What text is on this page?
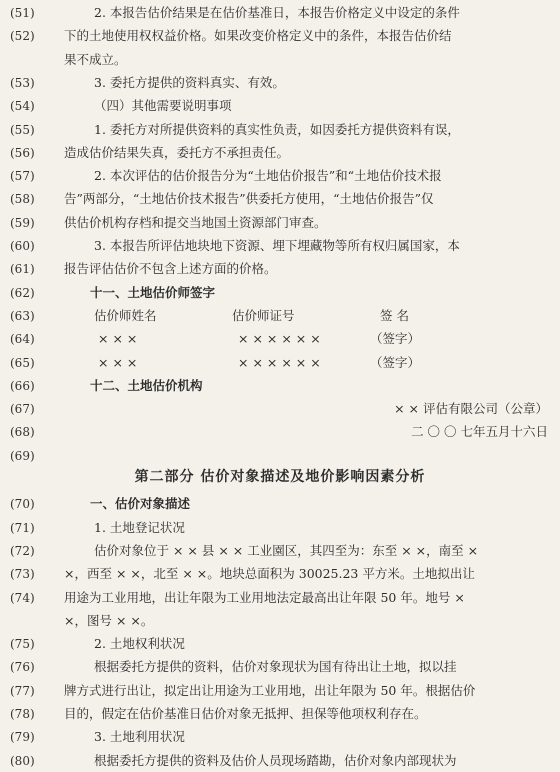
(51)	2. 本报告估价结果是在估价基准日，本报告价格定义中设定的条件
(52)	下的土地使用权权益价格。如果改变价格定义中的条件，本报告估价结
果不成立。
(53)	3. 委托方提供的资料真实、有效。
(54)	（四）其他需要说明事项
(55)	1. 委托方对所提供资料的真实性负责，如因委托方提供资料有误，
(56)	造成估价结果失真，委托方不承担责任。
(57)	2. 本次评估的估价报告分为“土地估价报告”和“土地估价技术报
(58)	告”两部分，“土地估价技术报告”供委托方使用，“土地估价报告”仅
(59)	供估价机构存档和提交当地国土资源部门审查。
(60)	3. 本报告所评估地块地下资源、埋下埋藏物等所有权归属国家，本
(61)	报告评估估价不包含上述方面的价格。
(62)	十一、土地估价师签字
(63)	估价师姓名	估价师证号	签 名
(64)	× × ×	× × × × × ×	（签字）
(65)	× × ×	× × × × × ×	（签字）
(66)	十二、土地估价机构
(67)	× × 评估有限公司（公章）
(68)	二 〇 〇 七年五月十六日
(69)
第二部分 估价对象描述及地价影响因素分析
(70)	一、估价对象描述
(71)	1. 土地登记状况
(72)	估价对象位于 × × 县 × × 工业園区，其四至为：东至 × ×，南至 ×
(73)	×，西至 × ×，北至 × ×。地块总面积为 30025.23 平方米。土地拟出让
(74)	用途为工业用地，出让年限为工业用地法定最高出让年限 50 年。地号 ×
×，图号 × ×。
(75)	2. 土地权利状况
(76)	根据委托方提供的资料，估价对象现状为国有待出让土地，拟以挂
(77)	牌方式进行出让，拟定出让用途为工业用地，出让年限为 50 年。根据估价
(78)	目的，假定在估价基准日估价对象无抵押、担保等他项权利存在。
(79)	3. 土地利用状况
(80)	根据委托方提供的资料及估价人员现场踏勘，估价对象内部现状为
